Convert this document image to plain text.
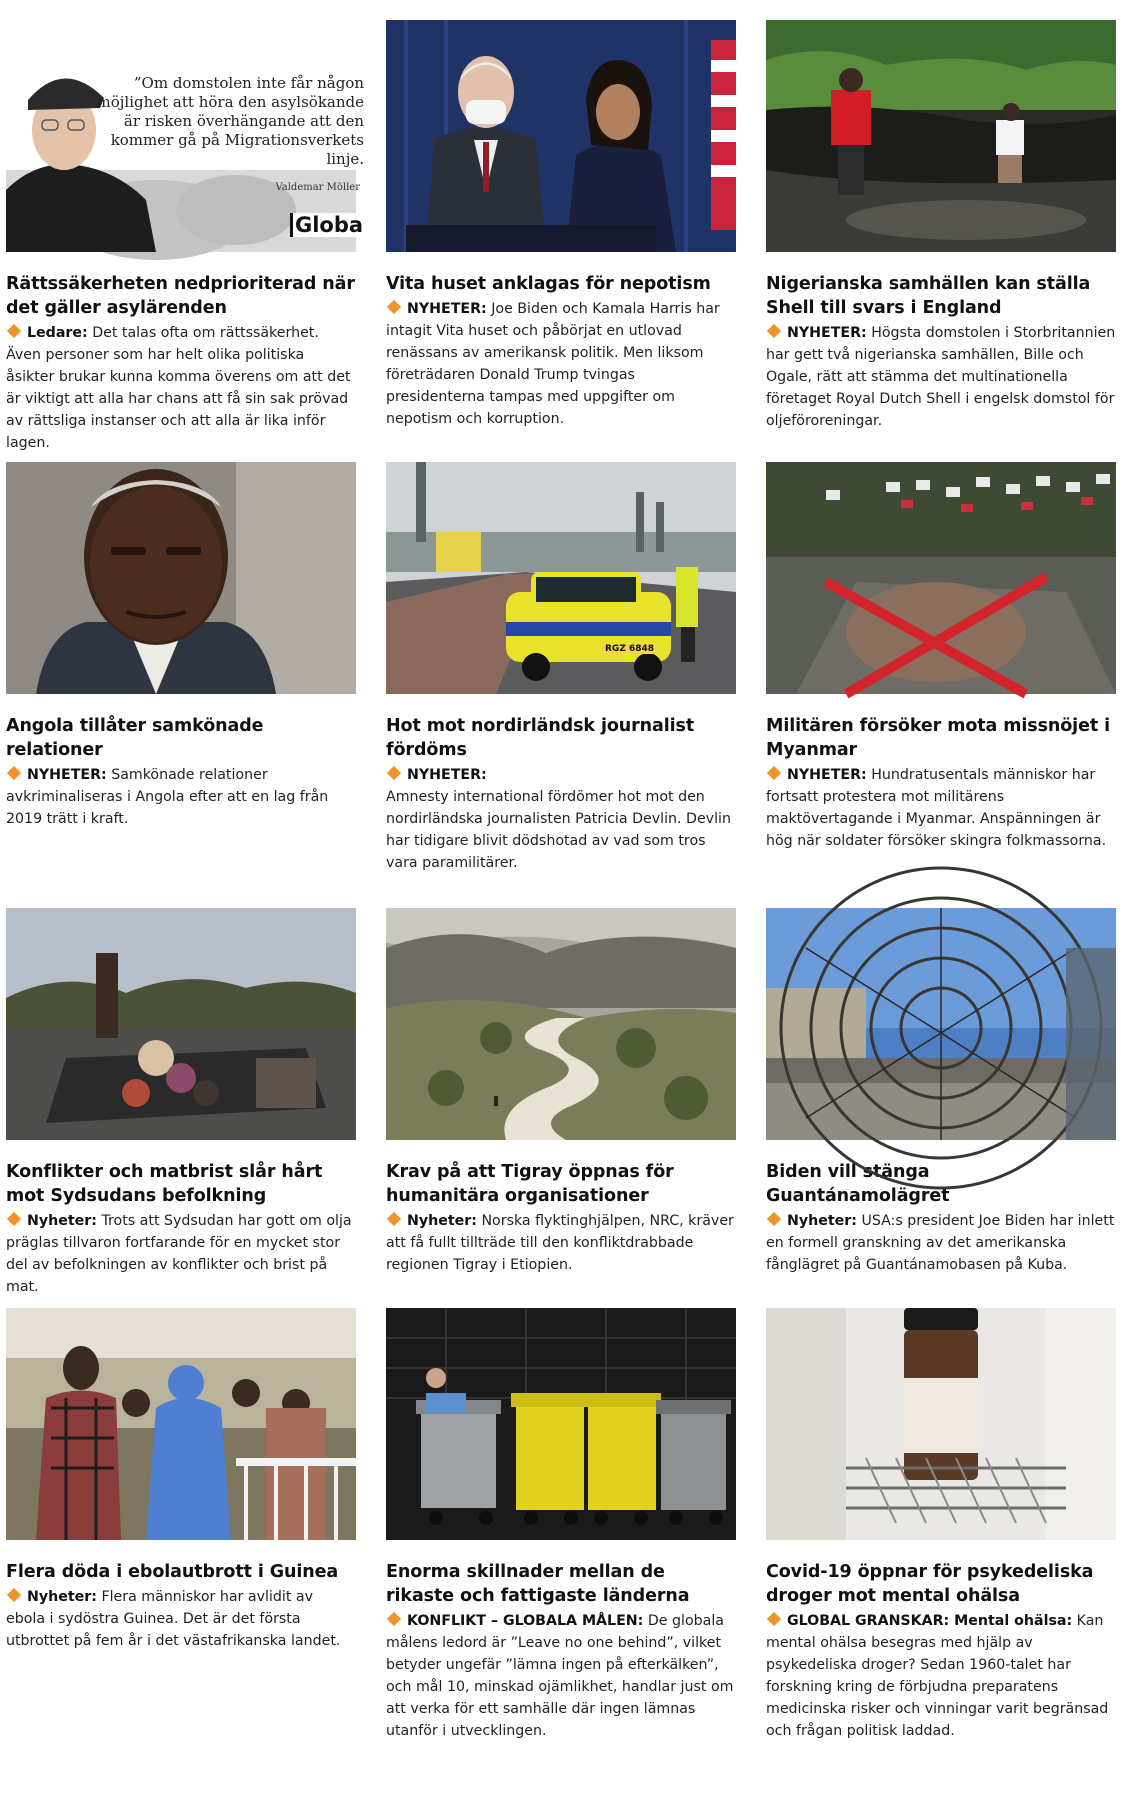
”Om domstolen inte får någon möjlighet att höra den asylsökande är risken överhängande att den kommer gå på Migrationsverkets linje.
Valdemar Möller
Globa
Rättssäkerheten nedprioriterad när det gäller asylärenden
Ledare: Det talas ofta om rättssäkerhet. Även personer som har helt olika politiska åsikter brukar kunna komma överens om att det är viktigt att alla har chans att få sin sak prövad av rättsliga instanser och att alla är lika inför lagen.
Vita huset anklagas för nepotism
NYHETER: Joe Biden och Kamala Harris har intagit Vita huset och påbörjat en utlovad renässans av amerikansk politik. Men liksom företrädaren Donald Trump tvingas presidenterna tampas med uppgifter om nepotism och korruption.
Nigerianska samhällen kan ställa Shell till svars i England
NYHETER: Högsta domstolen i Storbritannien har gett två nigerianska samhällen, Bille och Ogale, rätt att stämma det multinationella företaget Royal Dutch Shell i engelsk domstol för oljeföroreningar.
Angola tillåter samkönade relationer
NYHETER: Samkönade relationer avkriminaliseras i Angola efter att en lag från 2019 trätt i kraft.
RGZ 6848
Hot mot nordirländsk journalist fördöms
NYHETER:
Amnesty international fördömer hot mot den nordirländska journalisten Patricia Devlin. Devlin har tidigare blivit dödshotad av vad som tros vara paramilitärer.
Militären försöker mota missnöjet i Myanmar
NYHETER: Hundratusentals människor har fortsatt protestera mot militärens maktövertagande i Myanmar. Anspänningen är hög när soldater försöker skingra folkmassorna.
Konflikter och matbrist slår hårt mot Sydsudans befolkning
Nyheter: Trots att Sydsudan har gott om olja präglas tillvaron fortfarande för en mycket stor del av befolkningen av konflikter och brist på mat.
Krav på att Tigray öppnas för humanitära organisationer
Nyheter: Norska flyktinghjälpen, NRC, kräver att få fullt tillträde till den konfliktdrabbade regionen Tigray i Etiopien.
Biden vill stänga Guantánamolägret
Nyheter: USA:s president Joe Biden har inlett en formell granskning av det amerikanska fånglägret på Guantánamobasen på Kuba.
Flera döda i ebolautbrott i Guinea
Nyheter: Flera människor har avlidit av ebola i sydöstra Guinea. Det är det första utbrottet på fem år i det västafrikanska landet.
Enorma skillnader mellan de rikaste och fattigaste länderna
KONFLIKT – GLOBALA MÅLEN: De globala målens ledord är ”Leave no one behind”, vilket betyder ungefär ”lämna ingen på efterkälken”, och mål 10, minskad ojämlikhet, handlar just om att verka för ett samhälle där ingen lämnas utanför i utvecklingen.
Covid-19 öppnar för psykedeliska droger mot mental ohälsa
GLOBAL GRANSKAR: Mental ohälsa: Kan mental ohälsa besegras med hjälp av psykedeliska droger? Sedan 1960-talet har forskning kring de förbjudna preparatens medicinska risker och vinningar varit begränsad och frågan politisk laddad.
